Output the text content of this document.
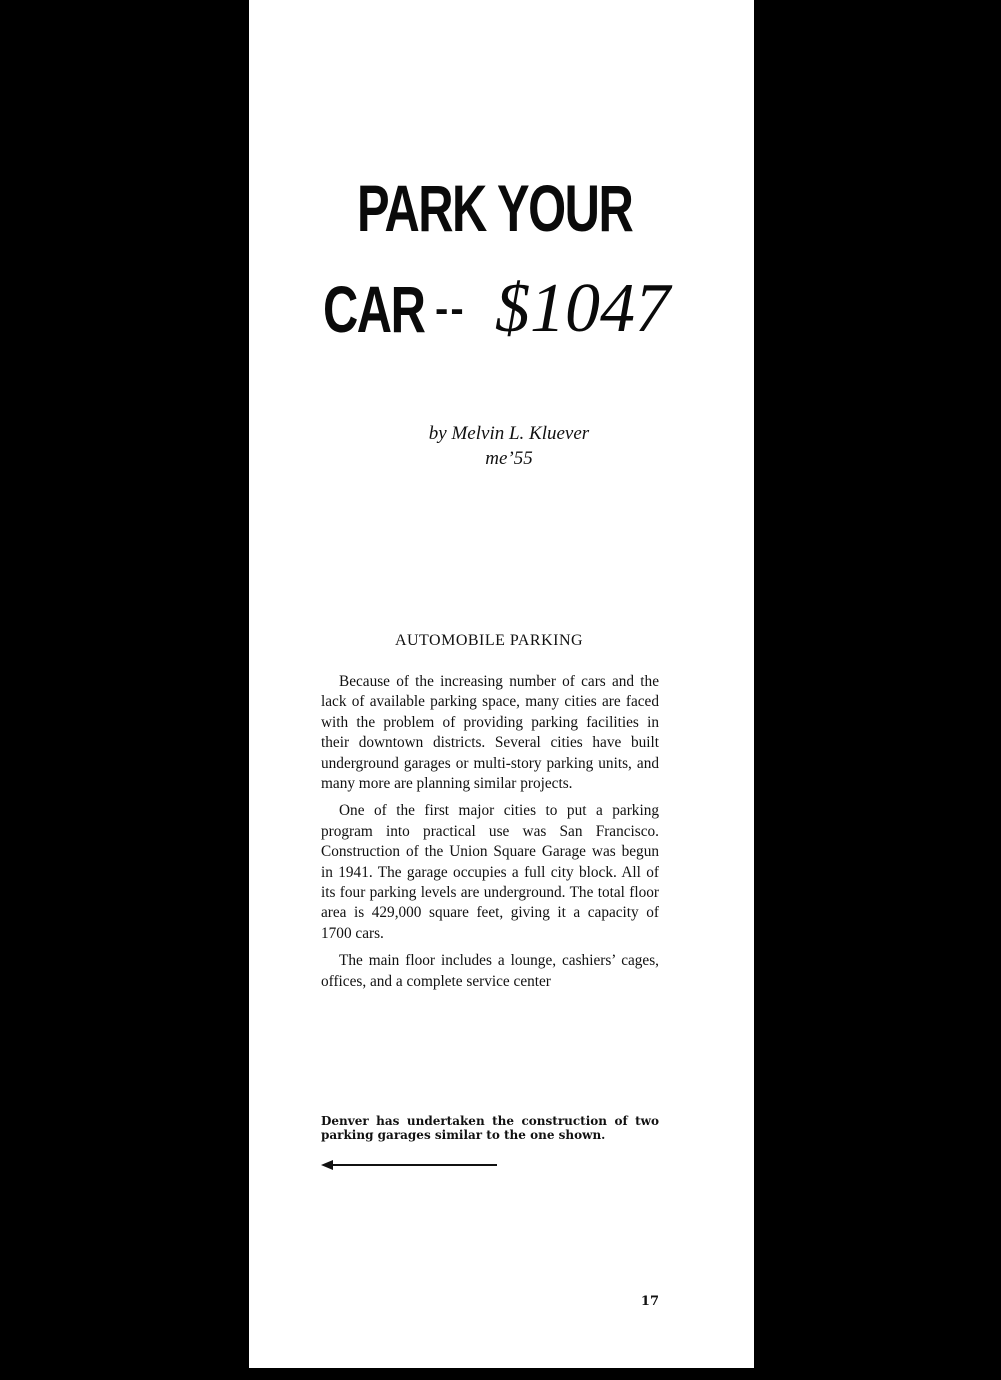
PARK YOUR
CAR -- $1047

by Melvin L. Kluever

me’55

AUTOMOBILE PARKING

Because of the increasing number of cars and the lack of available parking space, many cities are faced with the problem of providing parking facilities in their downtown districts. Several cities have built underground garages or multi-story parking units, and many more are planning similar projects.

One of the first major cities to put a parking program into practical use was San Francisco. Construction of the Union Square Garage was begun in 1941. The garage occupies a full city block. All of its four parking levels are underground. The total floor area is 429,000 square feet, giving it a capacity of 1700 cars.

The main floor includes a lounge, cashiers’ cages, offices, and a complete service center

Denver has undertaken the construction of two parking garages similar to the one shown.

17
